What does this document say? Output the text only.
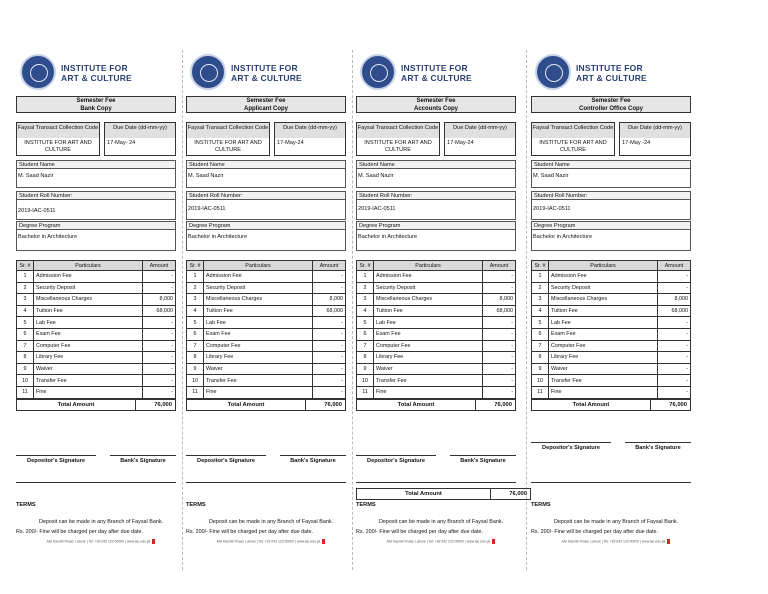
INSTITUTE FOR
ART & CULTURE
Semester Fee
Bank Copy
Faysal Transact Collection Code
INSTITUTE FOR ART AND CULTURE
Due Date (dd-mm-yy)
17-May- 24
Student Name
M. Saad Nazir
Student Roll Number:
2019-IAC-0511
Degree Program
Bachelor in Architecture
Sr. #	Particulars	Amount
1	Admission Fee	-
2	Security Deposit	-
3	Miscellaneous Charges	8,000
4	Tuition Fee	68,000
5	Lab Fee	-
6	Exam Fee	-
7	Computer Fee	-
8	Library Fee	-
9	Waiver	-
10	Transfer Fee	-
11	Fine	-
Total Amount	76,000
Depositor's Signature	Bank's Signature
TERMS
Deposit can be made in any Branch of Faysal Bank.
Rs. 200/- Fine will be charged per day after due date.
Alvi Kasmiri Road, Lahore | Tel: +92 042 123 00000 | www.iac.edu.pk
INSTITUTE FOR
ART & CULTURE
Semester Fee
Applicant Copy
Faysal Transact Collection Code
INSTITUTE FOR ART AND CULTURE
Due Date (dd-mm-yy)
17-May-24
Student Name
M. Saad Nazir
Student Roll Number:
2019-IAC-0511
Degree Program
Bachelor in Architecture
Sr. #	Particulars	Amount
1	Admission Fee	-
2	Security Deposit	-
3	Miscellaneous Charges	8,000
4	Tuition Fee	68,000
5	Lab Fee	-
6	Exam Fee	-
7	Computer Fee	-
8	Library Fee	-
9	Waiver	-
10	Transfer Fee	-
11	Fine	-
Total Amount	76,000
Depositor's Signature	Bank's Signature
TERMS
Deposit can be made in any Branch of Faysal Bank.
Rs. 200/- Fine will be charged per day after due date.
Alvi Kasmiri Road, Lahore | Tel: +92 042 123 00000 | www.iac.edu.pk
INSTITUTE FOR
ART & CULTURE
Semester Fee
Accounts Copy
Faysal Transact Collection Code
INSTITUTE FOR ART AND CULTURE
Due Date (dd-mm-yy)
17-May-24
Student Name
M. Saad Nazir
Student Roll Number:
2019-IAC-0511
Degree Program
Bachelor in Architecture
Sr. #	Particulars	Amount
1	Admission Fee	-
2	Security Deposit	-
3	Miscellaneous Charges	8,000
4	Tuition Fee	68,000
5	Lab Fee	-
6	Exam Fee	-
7	Computer Fee	-
8	Library Fee	-
9	Waiver	-
10	Transfer Fee	-
11	Fine	-
Total Amount	76,000
Depositor's Signature	Bank's Signature
Total Amount	76,000
TERMS
Deposit can be made in any Branch of Faysal Bank.
Rs. 200/- Fine will be charged per day after due date.
Alvi Kasmiri Road, Lahore | Tel: +92 042 123 00000 | www.iac.edu.pk
INSTITUTE FOR
ART & CULTURE
Semester Fee
Controller Office Copy
Faysal Transact Collection Code
INSTITUTE FOR ART AND CULTURE
Due Date (dd-mm-yy)
17-May -24
Student Name
M. Saad Nazir
Student Roll Number:
2019-IAC-0511
Degree Program
Bachelor in Architecture
Sr. #	Particulars	Amount
1	Admission Fee	-
2	Security Deposit	-
3	Miscellaneous Charges	8,000
4	Tuition Fee	68,000
5	Lab Fee	-
6	Exam Fee	-
7	Computer Fee	-
8	Library Fee	-
9	Waiver	-
10	Transfer Fee	-
11	Fine	-
Total Amount	76,000
Depositor's Signature	Bank's Signature
TERMS
Deposit can be made in any Branch of Faysal Bank.
Rs. 200/- Fine will be charged per day after due date.
Alvi Kasmiri Road, Lahore | Tel: +92 042 123 00000 | www.iac.edu.pk
